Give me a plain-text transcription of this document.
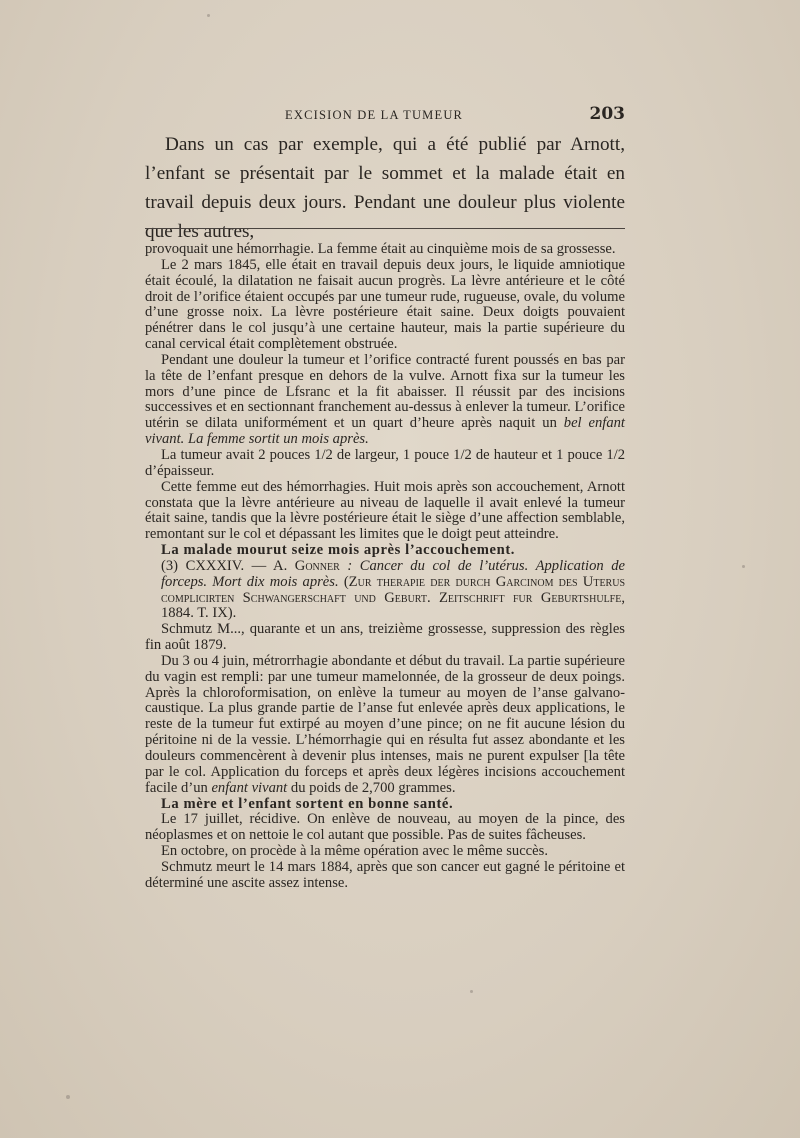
EXCISION DE LA TUMEUR	203

Dans un cas par exemple, qui a été publié par Arnott, l’enfant se présentait par le sommet et la malade était en travail depuis deux jours. Pendant une douleur plus violente que les autres,

provoquait une hémorrhagie. La femme était au cinquième mois de sa grossesse.

Le 2 mars 1845, elle était en travail depuis deux jours, le liquide amniotique était écoulé, la dilatation ne faisait aucun progrès. La lèvre antérieure et le côté droit de l’orifice étaient occupés par une tumeur rude, rugueuse, ovale, du volume d’une grosse noix. La lèvre postérieure était saine. Deux doigts pouvaient pénétrer dans le col jusqu’à une certaine hauteur, mais la partie supérieure du canal cervical était complètement obstruée.

Pendant une douleur la tumeur et l’orifice contracté furent poussés en bas par la tête de l’enfant presque en dehors de la vulve. Arnott fixa sur la tumeur les mors d’une pince de Lfsranc et la fit abaisser. Il réussit par des incisions successives et en sectionnant franchement au-dessus à enlever la tumeur. L’orifice utérin se dilata uniformément et un quart d’heure après naquit un bel enfant vivant. La femme sortit un mois après.

La tumeur avait 2 pouces 1/2 de largeur, 1 pouce 1/2 de hauteur et 1 pouce 1/2 d’épaisseur.

Cette femme eut des hémorrhagies. Huit mois après son accouchement, Arnott constata que la lèvre antérieure au niveau de laquelle il avait enlevé la tumeur était saine, tandis que la lèvre postérieure était le siège d’une affection semblable, remontant sur le col et dépassant les limites que le doigt peut atteindre.

La malade mourut seize mois après l’accouchement.

(3) CXXXIV. — A. Gonner : Cancer du col de l’utérus. Application de forceps. Mort dix mois après. (Zur therapie der durch Garcinom des Uterus complicirten Schwangerschaft und Geburt. Zeitschrift fur Geburtshulfe, 1884. T. IX).

Schmutz M..., quarante et un ans, treizième grossesse, suppression des règles fin août 1879.

Du 3 ou 4 juin, métrorrhagie abondante et début du travail. La partie supérieure du vagin est rempli: par une tumeur mamelonnée, de la grosseur de deux poings. Après la chloroformisation, on enlève la tumeur au moyen de l’anse galvano-caustique. La plus grande partie de l’anse fut enlevée après deux applications, le reste de la tumeur fut extirpé au moyen d’une pince; on ne fit aucune lésion du péritoine ni de la vessie. L’hémorrhagie qui en résulta fut assez abondante et les douleurs commencèrent à devenir plus intenses, mais ne purent expulser [la tête par le col. Application du forceps et après deux légères incisions accouchement facile d’un enfant vivant du poids de 2,700 grammes.

La mère et l’enfant sortent en bonne santé.

Le 17 juillet, récidive. On enlève de nouveau, au moyen de la pince, des néoplasmes et on nettoie le col autant que possible. Pas de suites fâcheuses.

En octobre, on procède à la même opération avec le même succès.

Schmutz meurt le 14 mars 1884, après que son cancer eut gagné le péritoine et déterminé une ascite assez intense.
